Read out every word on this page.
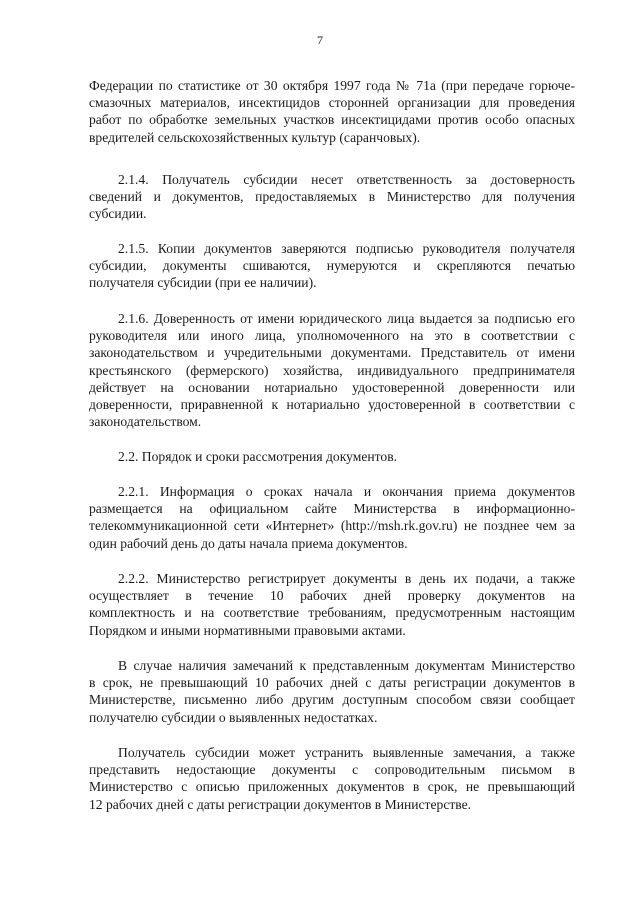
7

Федерации по статистике от 30 октября 1997 года № 71а (при передаче горюче-
смазочных материалов, инсектицидов сторонней организации для проведения
работ по обработке земельных участков инсектицидами против особо опасных
вредителей сельскохозяйственных культур (саранчовых).

2.1.4. Получатель субсидии несет ответственность за достоверность
сведений и документов, предоставляемых в Министерство для получения
субсидии.

2.1.5. Копии документов заверяются подписью руководителя получателя
субсидии, документы сшиваются, нумеруются и скрепляются печатью
получателя субсидии (при ее наличии).

2.1.6. Доверенность от имени юридического лица выдается за подписью его
руководителя или иного лица, уполномоченного на это в соответствии с
законодательством и учредительными документами. Представитель от имени
крестьянского (фермерского) хозяйства, индивидуального предпринимателя
действует на основании нотариально удостоверенной доверенности или
доверенности, приравненной к нотариально удостоверенной в соответствии с
законодательством.

2.2. Порядок и сроки рассмотрения документов.

2.2.1. Информация о сроках начала и окончания приема документов
размещается на официальном сайте Министерства в информационно-
телекоммуникационной сети «Интернет» (http://msh.rk.gov.ru) не позднее чем за
один рабочий день до даты начала приема документов.

2.2.2. Министерство регистрирует документы в день их подачи, а также
осуществляет в течение 10 рабочих дней проверку документов на
комплектность и на соответствие требованиям, предусмотренным настоящим
Порядком и иными нормативными правовыми актами.

В случае наличия замечаний к представленным документам Министерство
в срок, не превышающий 10 рабочих дней с даты регистрации документов в
Министерстве, письменно либо другим доступным способом связи сообщает
получателю субсидии о выявленных недостатках.

Получатель субсидии может устранить выявленные замечания, а также
представить недостающие документы с сопроводительным письмом в
Министерство с описью приложенных документов в срок, не превышающий
12 рабочих дней с даты регистрации документов в Министерстве.
